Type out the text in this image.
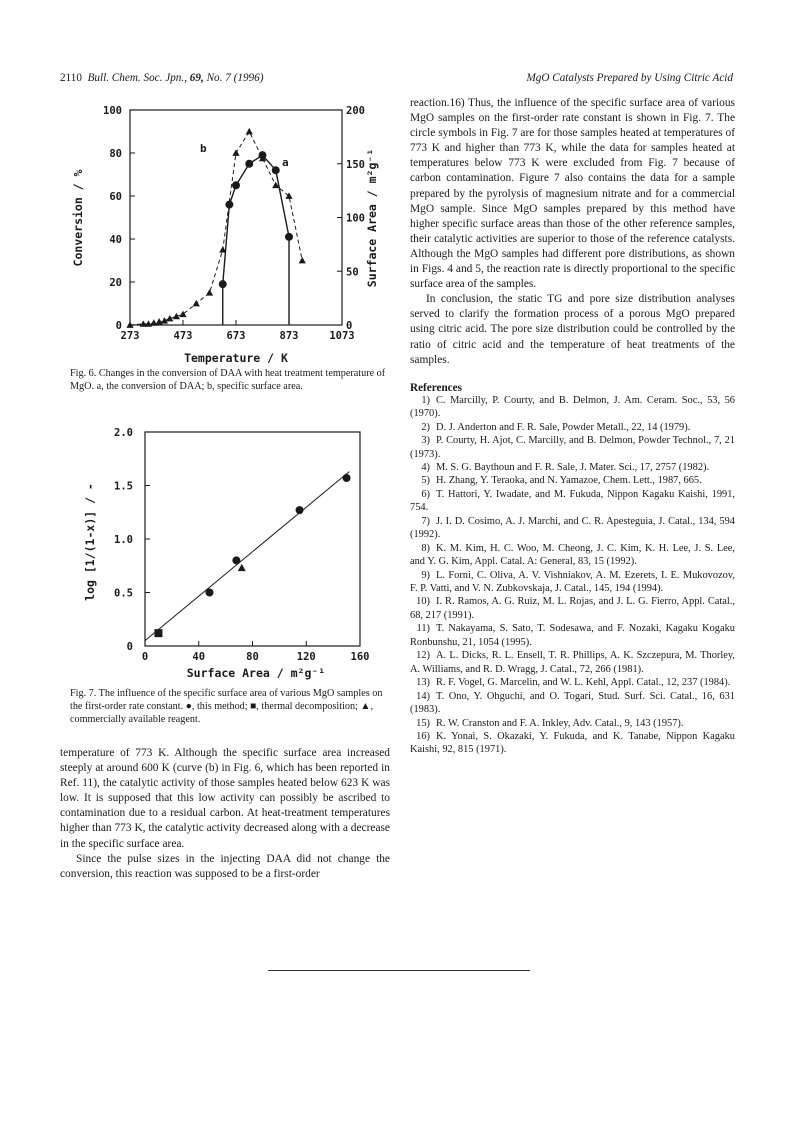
2110 Bull. Chem. Soc. Jpn., 69, No. 7 (1996)	MgO Catalysts Prepared by Using Citric Acid
273	473	673	873	1073
0
20
40
60
80
100
0
50
100
150
200
b
a
Temperature / K
Conversion / %	Surface Area / m²g⁻¹
Fig. 6. Changes in the conversion of DAA with heat treatment temperature of MgO. a, the conversion of DAA; b, specific surface area.
0	40	80	120	160
0
0.5
1.0
1.5
2.0
Surface Area / m²g⁻¹
log [1/(1-x)] / -
Fig. 7. The influence of the specific surface area of various MgO samples on the first-order rate constant. ●, this method; ■, thermal decomposition; ▲, commercially available reagent.

temperature of 773 K. Although the specific surface area increased steeply at around 600 K (curve (b) in Fig. 6, which has been reported in Ref. 11), the catalytic activity of those samples heated below 623 K was low. It is supposed that this low activity can possibly be ascribed to contamination due to a residual carbon. At heat-treatment temperatures higher than 773 K, the catalytic activity decreased along with a decrease in the specific surface area.

Since the pulse sizes in the injecting DAA did not change the conversion, this reaction was supposed to be a first-order

reaction.16) Thus, the influence of the specific surface area of various MgO samples on the first-order rate constant is shown in Fig. 7. The circle symbols in Fig. 7 are for those samples heated at temperatures of 773 K and higher than 773 K, while the data for samples heated at temperatures below 773 K were excluded from Fig. 7 because of carbon contamination. Figure 7 also contains the data for a sample prepared by the pyrolysis of magnesium nitrate and for a commercial MgO sample. Since MgO samples prepared by this method have higher specific surface areas than those of the other reference samples, their catalytic activities are superior to those of the reference catalysts. Although the MgO samples had different pore distributions, as shown in Figs. 4 and 5, the reaction rate is directly proportional to the specific surface area of the samples.

In conclusion, the static TG and pore size distribution analyses served to clarify the formation process of a porous MgO prepared using citric acid. The pore size distribution could be controlled by the ratio of citric acid and the temperature of heat treatments of the samples.

References
1) C. Marcilly, P. Courty, and B. Delmon, J. Am. Ceram. Soc., 53, 56 (1970).
2) D. J. Anderton and F. R. Sale, Powder Metall., 22, 14 (1979).
3) P. Courty, H. Ajot, C. Marcilly, and B. Delmon, Powder Technol., 7, 21 (1973).
4) M. S. G. Baythoun and F. R. Sale, J. Mater. Sci., 17, 2757 (1982).
5) H. Zhang, Y. Teraoka, and N. Yamazoe, Chem. Lett., 1987, 665.
6) T. Hattori, Y. Iwadate, and M. Fukuda, Nippon Kagaku Kaishi, 1991, 754.
7) J. I. D. Cosimo, A. J. Marchi, and C. R. Apesteguia, J. Catal., 134, 594 (1992).
8) K. M. Kim, H. C. Woo, M. Cheong, J. C. Kim, K. H. Lee, J. S. Lee, and Y. G. Kim, Appl. Catal. A: General, 83, 15 (1992).
9) L. Forni, C. Oliva, A. V. Vishniakov, A. M. Ezerets, I. E. Mukovozov, F. P. Vatti, and V. N. Zubkovskaja, J. Catal., 145, 194 (1994).
10) I. R. Ramos, A. G. Ruiz, M. L. Rojas, and J. L. G. Fierro, Appl. Catal., 68, 217 (1991).
11) T. Nakayama, S. Sato, T. Sodesawa, and F. Nozaki, Kagaku Kogaku Ronbunshu, 21, 1054 (1995).
12) A. L. Dicks, R. L. Ensell, T. R. Phillips, A. K. Szczepura, M. Thorley, A. Williams, and R. D. Wragg, J. Catal., 72, 266 (1981).
13) R. F. Vogel, G. Marcelin, and W. L. Kehl, Appl. Catal., 12, 237 (1984).
14) T. Ono, Y. Ohguchi, and O. Togari, Stud. Surf. Sci. Catal., 16, 631 (1983).
15) R. W. Cranston and F. A. Inkley, Adv. Catal., 9, 143 (1957).
16) K. Yonai, S. Okazaki, Y. Fukuda, and K. Tanabe, Nippon Kagaku Kaishi, 92, 815 (1971).
